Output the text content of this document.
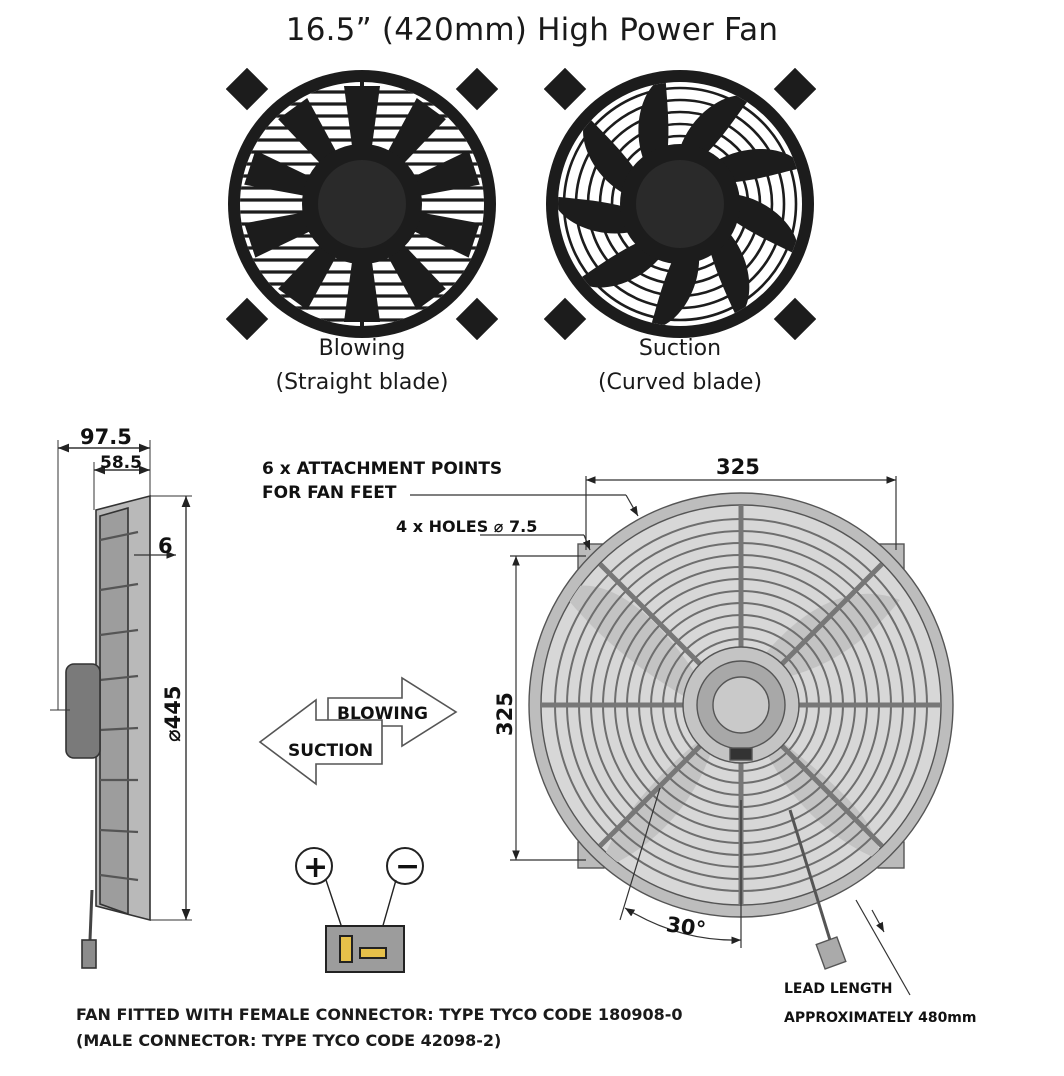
16.5” (420mm) High Power Fan
Blowing
(Straight blade)
Suction
(Curved blade)
97.5
58.5
6
⌀445	BLOWING
SUCTION
6 x ATTACHMENT POINTS
FOR FAN FEET
4 x HOLES ⌀ 7.5
325
325
30°
LEAD LENGTH
APPROXIMATELY 480mm
+ −
FAN FITTED WITH FEMALE CONNECTOR: TYPE TYCO CODE 180908-0
(MALE CONNECTOR: TYPE TYCO CODE 42098-2)
